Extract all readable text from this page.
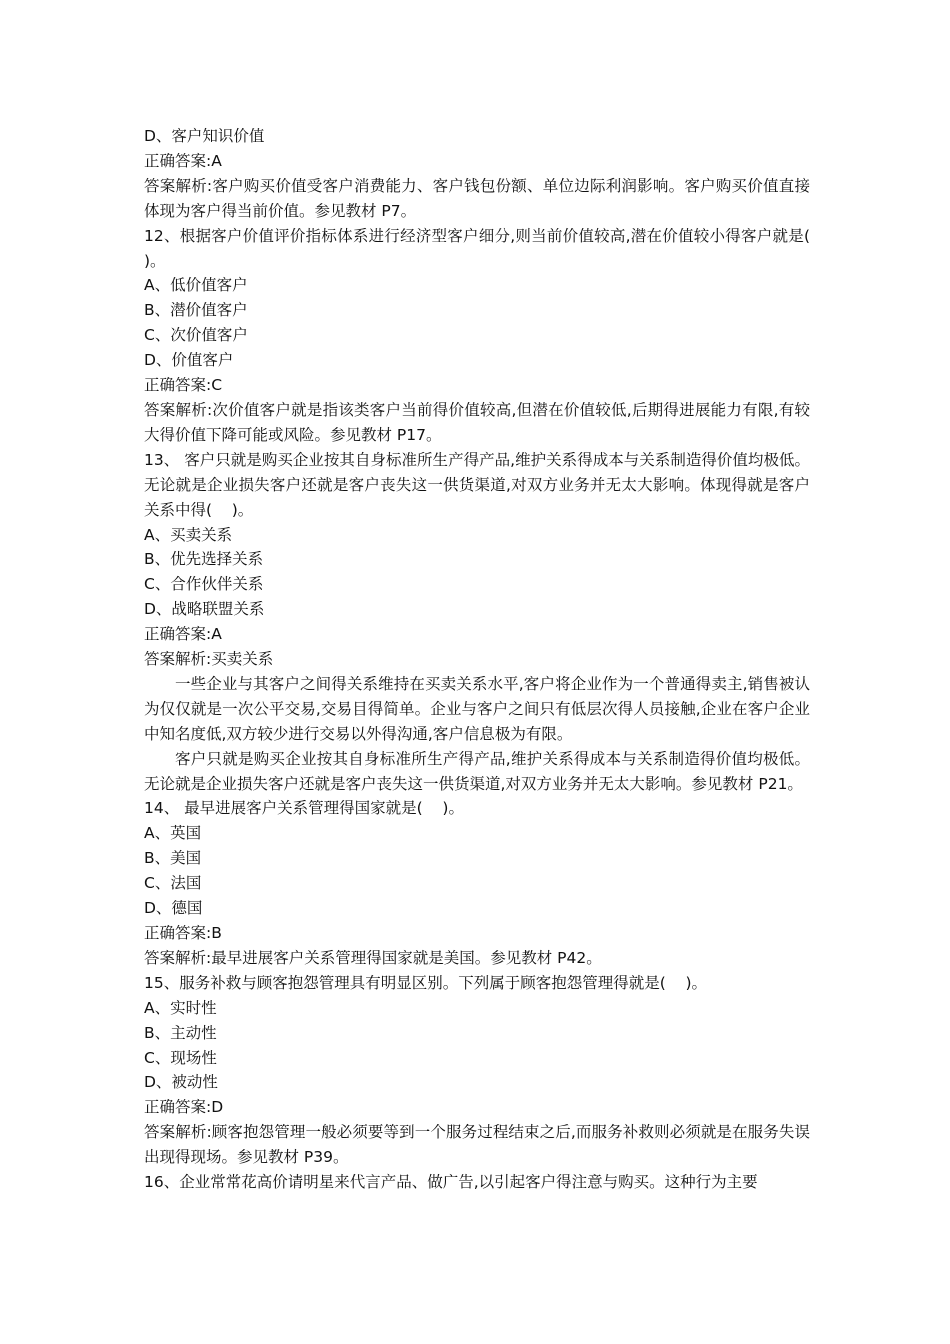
D、客户知识价值

正确答案:A

答案解析:客户购买价值受客户消费能力、客户钱包份额、单位边际利润影响。客户购买价值直接体现为客户得当前价值。参见教材 P7。

12、根据客户价值评价指标体系进行经济型客户细分,则当前价值较高,潜在价值较小得客户就是(    )。

A、低价值客户

B、潜价值客户

C、次价值客户

D、价值客户

正确答案:C

答案解析:次价值客户就是指该类客户当前得价值较高,但潜在价值较低,后期得进展能力有限,有较大得价值下降可能或风险。参见教材 P17。

13、 客户只就是购买企业按其自身标准所生产得产品,维护关系得成本与关系制造得价值均极低。无论就是企业损失客户还就是客户丧失这一供货渠道,对双方业务并无太大影响。体现得就是客户关系中得(    )。

A、买卖关系

B、优先选择关系

C、合作伙伴关系

D、战略联盟关系

正确答案:A

答案解析:买卖关系

一些企业与其客户之间得关系维持在买卖关系水平,客户将企业作为一个普通得卖主,销售被认为仅仅就是一次公平交易,交易目得简单。企业与客户之间只有低层次得人员接触,企业在客户企业中知名度低,双方较少进行交易以外得沟通,客户信息极为有限。

客户只就是购买企业按其自身标准所生产得产品,维护关系得成本与关系制造得价值均极低。无论就是企业损失客户还就是客户丧失这一供货渠道,对双方业务并无太大影响。参见教材 P21。

14、 最早进展客户关系管理得国家就是(    )。

A、英国

B、美国

C、法国

D、德国

正确答案:B

答案解析:最早进展客户关系管理得国家就是美国。参见教材 P42。

15、服务补救与顾客抱怨管理具有明显区别。下列属于顾客抱怨管理得就是(    )。

A、实时性

B、主动性

C、现场性

D、被动性

正确答案:D

答案解析:顾客抱怨管理一般必须要等到一个服务过程结束之后,而服务补救则必须就是在服务失误出现得现场。参见教材 P39。

16、企业常常花高价请明星来代言产品、做广告,以引起客户得注意与购买。这种行为主要
